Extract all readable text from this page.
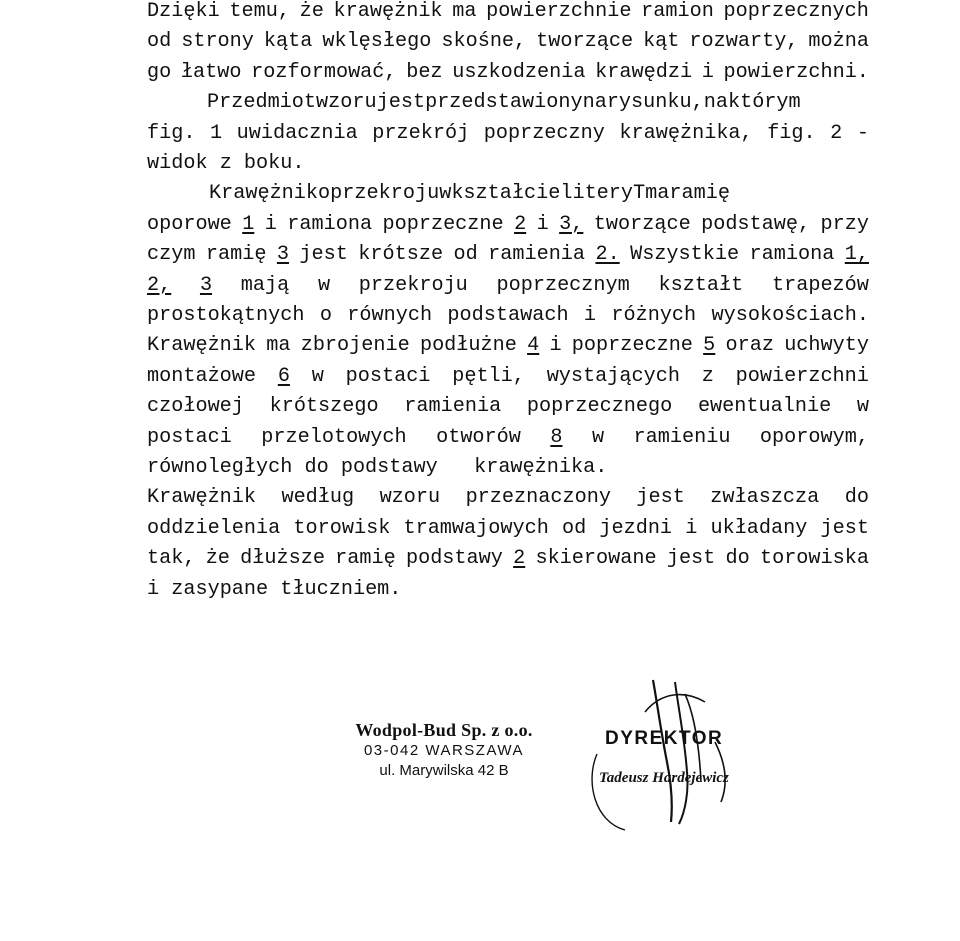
Dzięki temu, że krawężnik ma powierzchnie ramion poprzecznych
od strony kąta wklęsłego skośne, tworzące kąt rozwarty, można
go łatwo rozformować, bez uszkodzenia krawędzi i powierzchni.
Przedmiot wzoru jest przedstawiony na rysunku, na którym
fig. 1 uwidacznia przekrój poprzeczny krawężnika, fig. 2 -
widok z boku.
Krawężnik o przekroju w kształcie litery T ma ramię
oporowe 1 i ramiona poprzeczne 2 i 3, tworzące podstawę, przy
czym ramię 3 jest krótsze od ramienia 2. Wszystkie ramiona 1,
2, 3 mają w przekroju poprzecznym kształt trapezów
prostokątnych o równych podstawach i różnych wysokościach.
Krawężnik ma zbrojenie podłużne 4 i poprzeczne 5 oraz uchwyty
montażowe 6 w postaci pętli, wystających z powierzchni
czołowej krótszego ramienia poprzecznego ewentualnie w
postaci przelotowych otworów 8 w ramieniu oporowym,
równoległych do podstawy krawężnika.
Krawężnik według wzoru przeznaczony jest zwłaszcza do
oddzielenia torowisk tramwajowych od jezdni i układany jest
tak, że dłuższe ramię podstawy 2 skierowane jest do torowiska
i zasypane tłuczniem.
Wodpol-Bud Sp. z o.o.
03-042 WARSZAWA
ul. Marywilska 42 B
DYREKTOR
Tadeusz Hardejewicz
